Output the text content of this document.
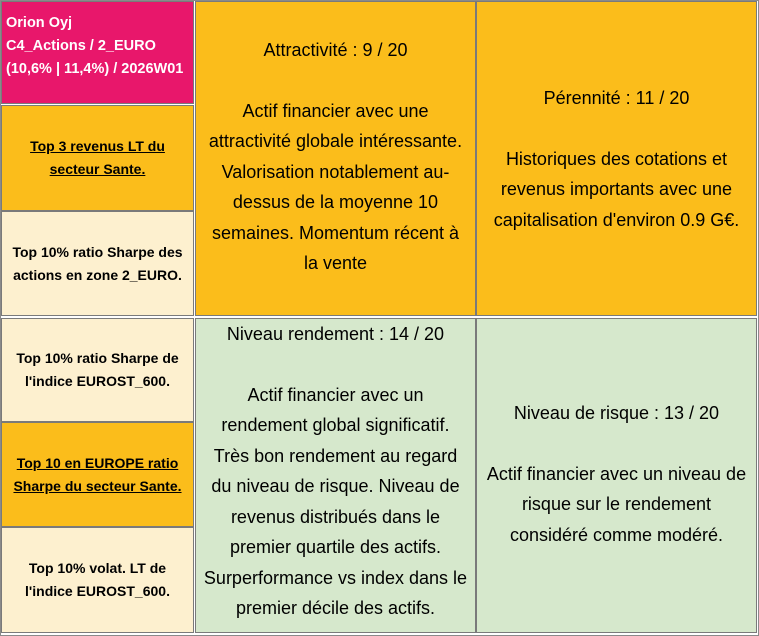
Orion Oyj
C4_Actions / 2_EURO
(10,6% | 11,4%) / 2026W01
Top 3 revenus LT du
secteur Sante.
Top 10% ratio Sharpe des
actions en zone 2_EURO.
Top 10% ratio Sharpe de
l'indice EUROST_600.
Top 10 en EUROPE ratio
Sharpe du secteur Sante.
Top 10% volat. LT de
l'indice EUROST_600.
Attractivité : 9 / 20
Actif financier avec une
attractivité globale intéressante.
Valorisation notablement au-
dessus de la moyenne 10
semaines. Momentum récent à
la vente
Pérennité : 11 / 20
Historiques des cotations et
revenus importants avec une
capitalisation d'environ 0.9 G€.
Niveau rendement : 14 / 20
Actif financier avec un
rendement global significatif.
Très bon rendement au regard
du niveau de risque. Niveau de
revenus distribués dans le
premier quartile des actifs.
Surperformance vs index dans le
premier décile des actifs.
Niveau de risque : 13 / 20
Actif financier avec un niveau de
risque sur le rendement
considéré comme modéré.
